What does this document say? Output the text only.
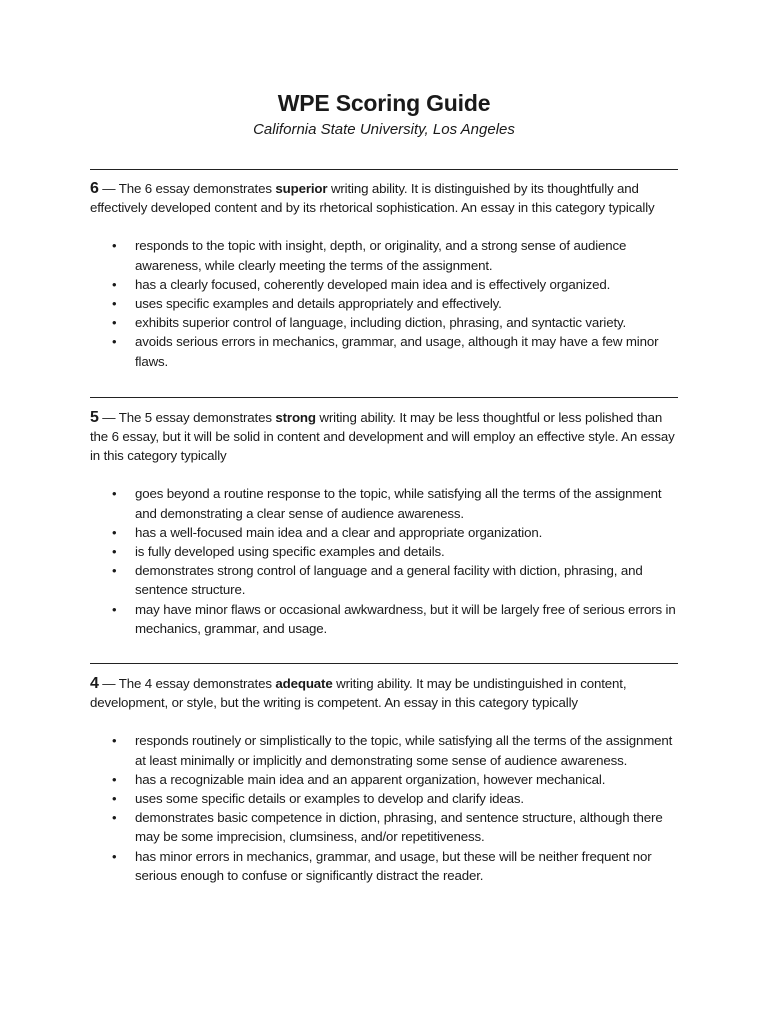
WPE Scoring Guide

California State University, Los Angeles

6 — The 6 essay demonstrates superior writing ability. It is distinguished by its thoughtfully and effectively developed content and by its rhetorical sophistication. An essay in this category typically

• responds to the topic with insight, depth, or originality, and a strong sense of audience awareness, while clearly meeting the terms of the assignment.
• has a clearly focused, coherently developed main idea and is effectively organized.
• uses specific examples and details appropriately and effectively.
• exhibits superior control of language, including diction, phrasing, and syntactic variety.
• avoids serious errors in mechanics, grammar, and usage, although it may have a few minor flaws.

5 — The 5 essay demonstrates strong writing ability. It may be less thoughtful or less polished than the 6 essay, but it will be solid in content and development and will employ an effective style. An essay in this category typically

• goes beyond a routine response to the topic, while satisfying all the terms of the assignment and demonstrating a clear sense of audience awareness.
• has a well-focused main idea and a clear and appropriate organization.
• is fully developed using specific examples and details.
• demonstrates strong control of language and a general facility with diction, phrasing, and sentence structure.
• may have minor flaws or occasional awkwardness, but it will be largely free of serious errors in mechanics, grammar, and usage.

4 — The 4 essay demonstrates adequate writing ability. It may be undistinguished in content, development, or style, but the writing is competent. An essay in this category typically

• responds routinely or simplistically to the topic, while satisfying all the terms of the assignment at least minimally or implicitly and demonstrating some sense of audience awareness.
• has a recognizable main idea and an apparent organization, however mechanical.
• uses some specific details or examples to develop and clarify ideas.
• demonstrates basic competence in diction, phrasing, and sentence structure, although there may be some imprecision, clumsiness, and/or repetitiveness.
• has minor errors in mechanics, grammar, and usage, but these will be neither frequent nor serious enough to confuse or significantly distract the reader.
